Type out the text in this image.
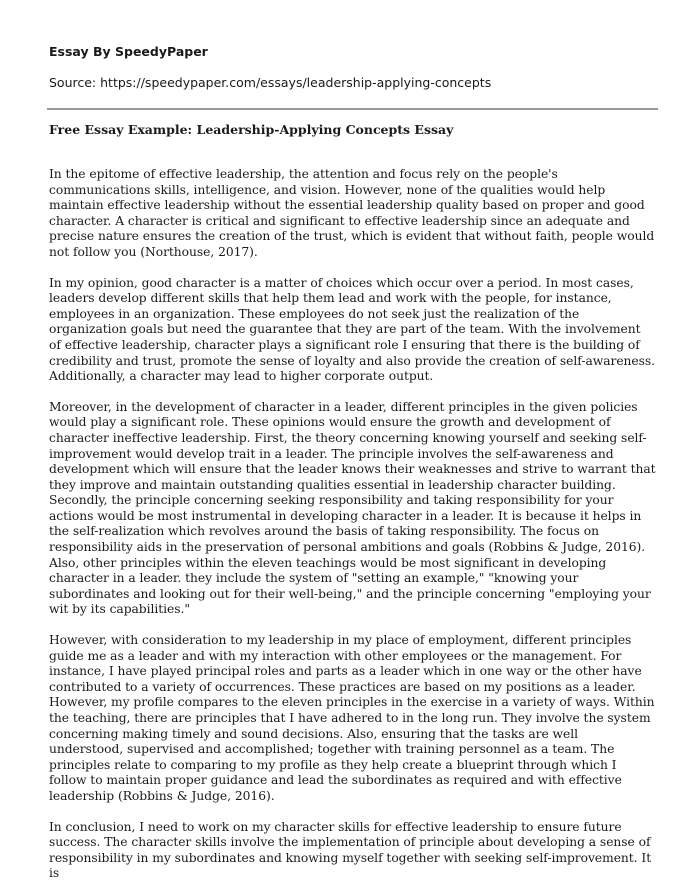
Essay By SpeedyPaper
Source: https://speedypaper.com/essays/leadership-applying-concepts
Free Essay Example: Leadership-Applying Concepts Essay

In the epitome of effective leadership, the attention and focus rely on the people's communications skills, intelligence, and vision. However, none of the qualities would help maintain effective leadership without the essential leadership quality based on proper and good character. A character is critical and significant to effective leadership since an adequate and precise nature ensures the creation of the trust, which is evident that without faith, people would not follow you (Northouse, 2017).

In my opinion, good character is a matter of choices which occur over a period. In most cases, leaders develop different skills that help them lead and work with the people, for instance, employees in an organization. These employees do not seek just the realization of the organization goals but need the guarantee that they are part of the team. With the involvement of effective leadership, character plays a significant role I ensuring that there is the building of credibility and trust, promote the sense of loyalty and also provide the creation of self-awareness. Additionally, a character may lead to higher corporate output.

Moreover, in the development of character in a leader, different principles in the given policies would play a significant role. These opinions would ensure the growth and development of character ineffective leadership. First, the theory concerning knowing yourself and seeking self-improvement would develop trait in a leader. The principle involves the self-awareness and development which will ensure that the leader knows their weaknesses and strive to warrant that they improve and maintain outstanding qualities essential in leadership character building. Secondly, the principle concerning seeking responsibility and taking responsibility for your actions would be most instrumental in developing character in a leader. It is because it helps in the self-realization which revolves around the basis of taking responsibility. The focus on responsibility aids in the preservation of personal ambitions and goals (Robbins & Judge, 2016). Also, other principles within the eleven teachings would be most significant in developing character in a leader. they include the system of "setting an example," "knowing your subordinates and looking out for their well-being," and the principle concerning "employing your wit by its capabilities."

However, with consideration to my leadership in my place of employment, different principles guide me as a leader and with my interaction with other employees or the management. For instance, I have played principal roles and parts as a leader which in one way or the other have contributed to a variety of occurrences. These practices are based on my positions as a leader. However, my profile compares to the eleven principles in the exercise in a variety of ways. Within the teaching, there are principles that I have adhered to in the long run. They involve the system concerning making timely and sound decisions. Also, ensuring that the tasks are well understood, supervised and accomplished; together with training personnel as a team. The principles relate to comparing to my profile as they help create a blueprint through which I follow to maintain proper guidance and lead the subordinates as required and with effective leadership (Robbins & Judge, 2016).

In conclusion, I need to work on my character skills for effective leadership to ensure future success. The character skills involve the implementation of principle about developing a sense of responsibility in my subordinates and knowing myself together with seeking self-improvement. It is
